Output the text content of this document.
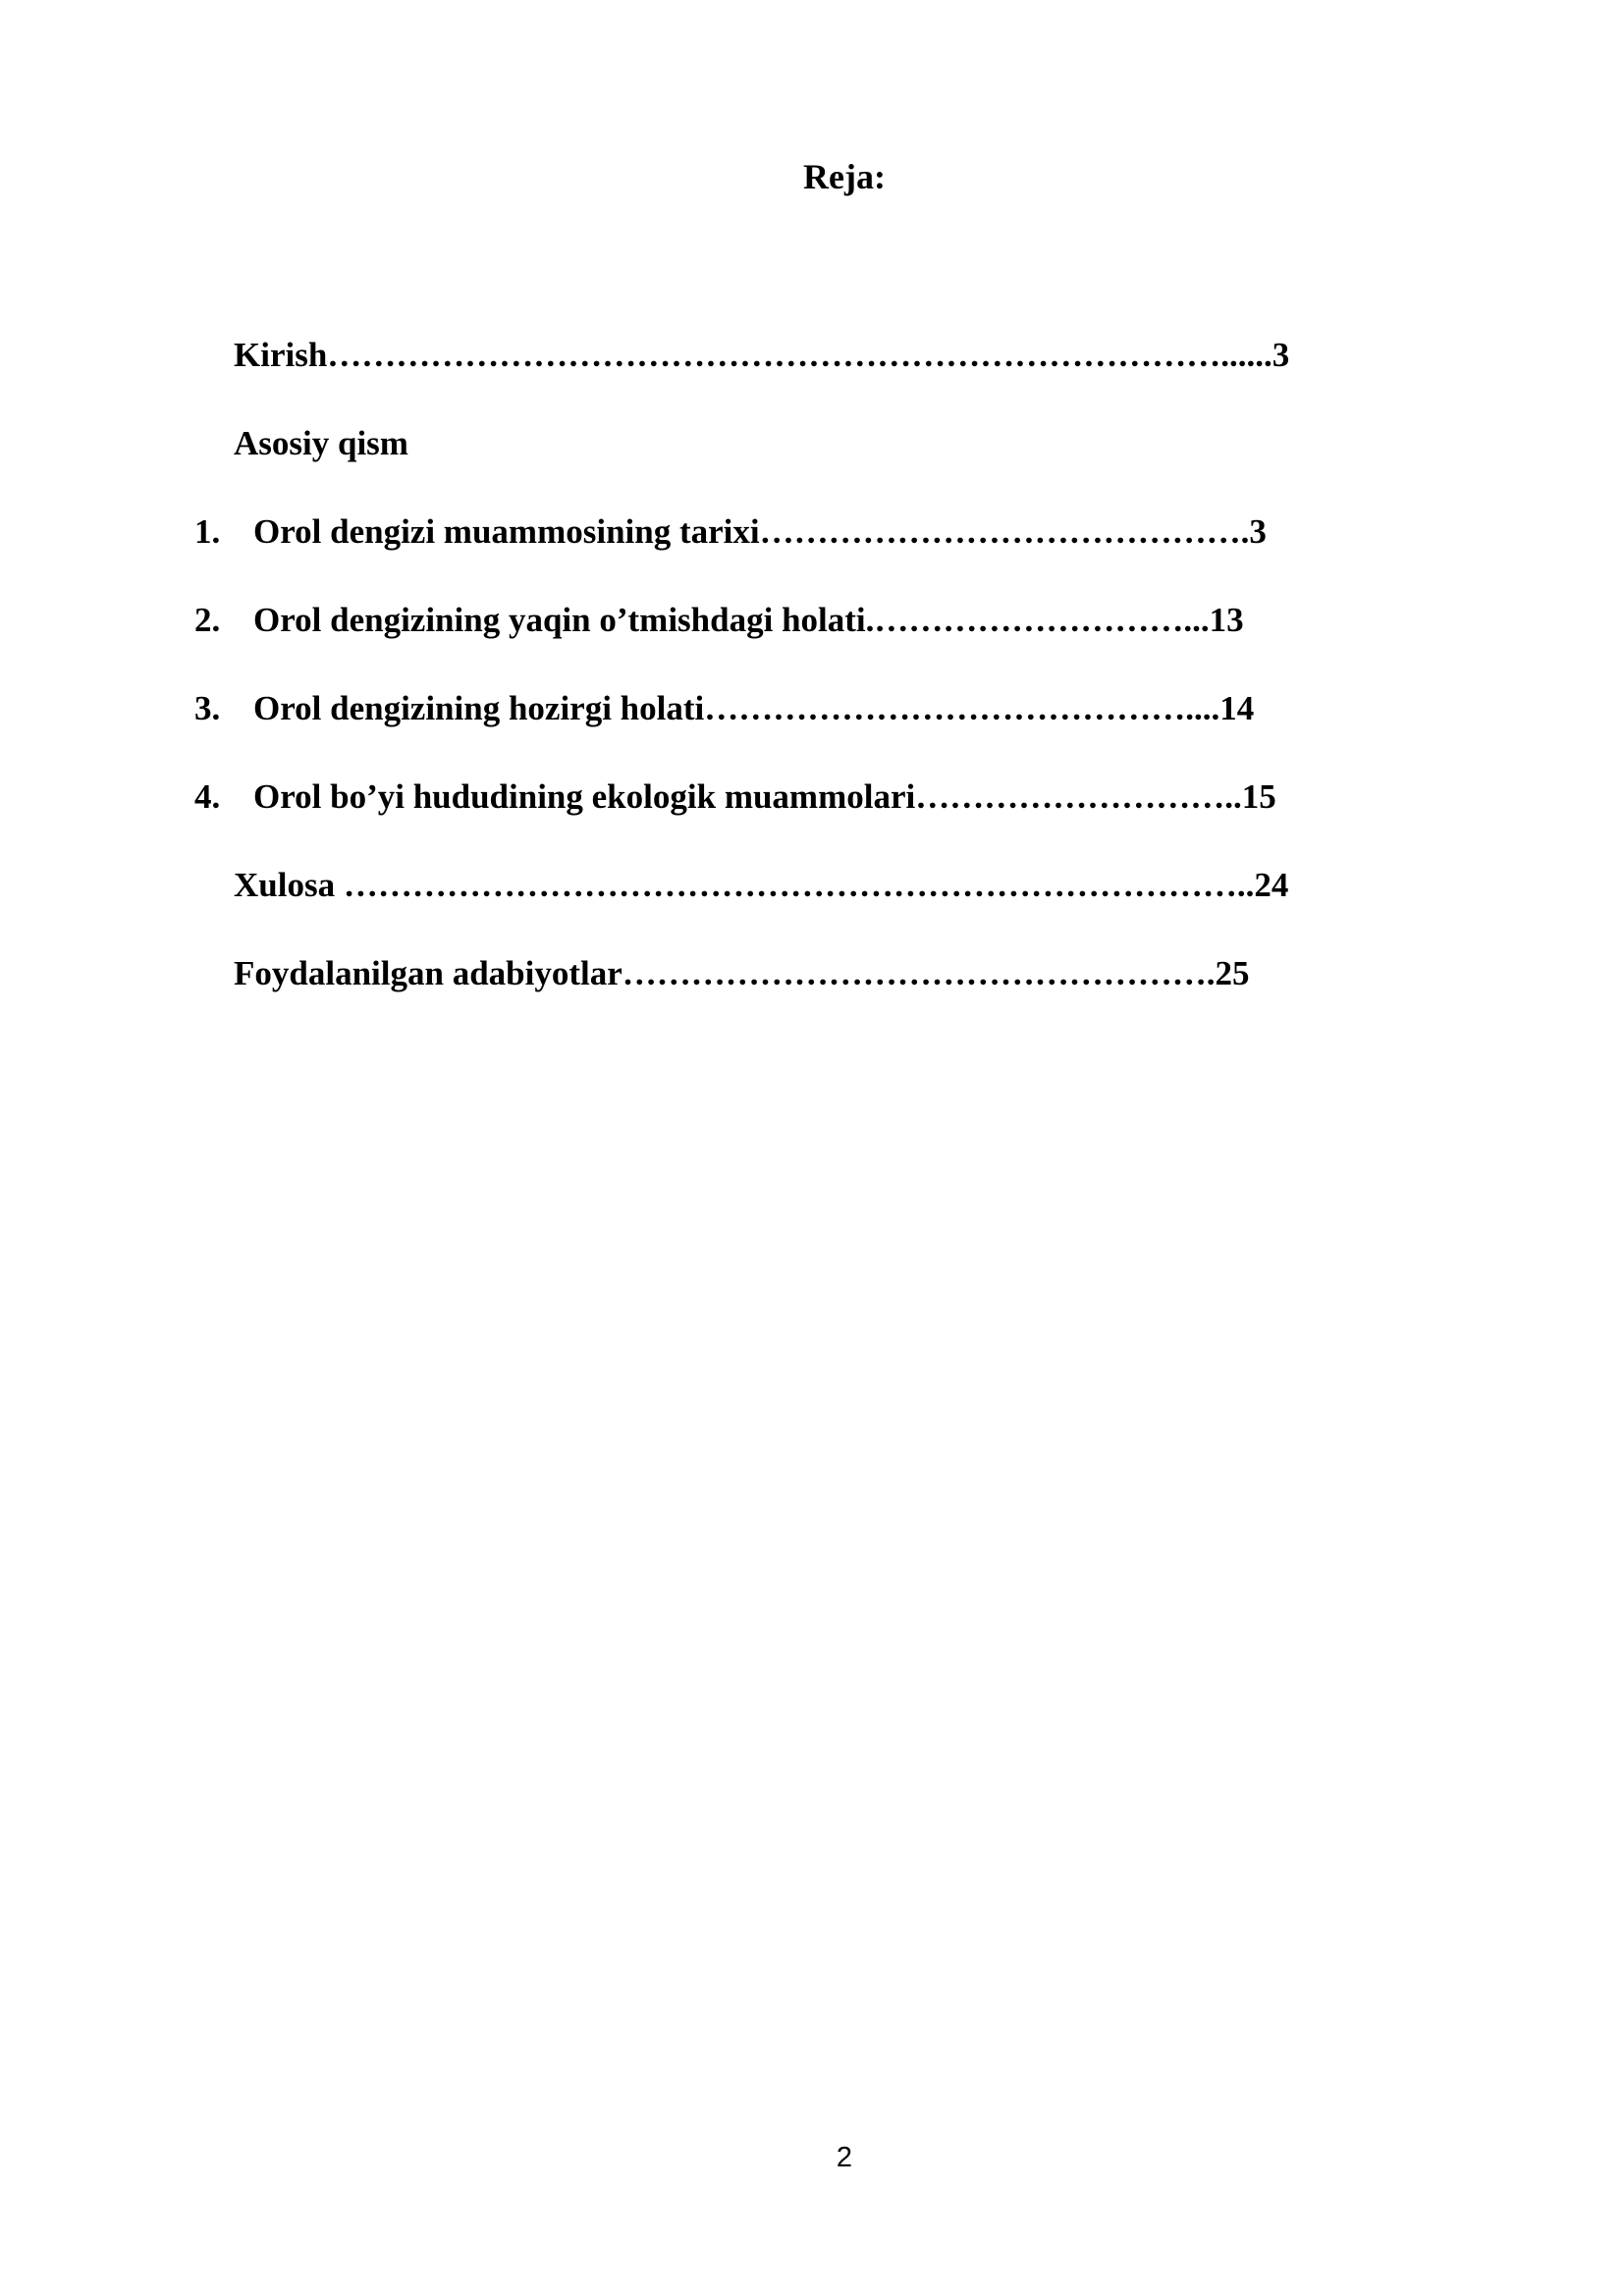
Reja:
Kirish……………………………………………………………………......3
Asosiy qism
1. Orol dengizi muammosining tarixi…………………………………….3
2. Orol dengizining yaqin o’tmishdagi holati.………………………...13
3. Orol dengizining hozirgi holati……………………………………....14
4. Orol bo’yi hududining ekologik muammolari………………………..15
Xulosa ……………………………………………………………………..24
Foydalanilgan adabiyotlar…………………………………………….25
2
